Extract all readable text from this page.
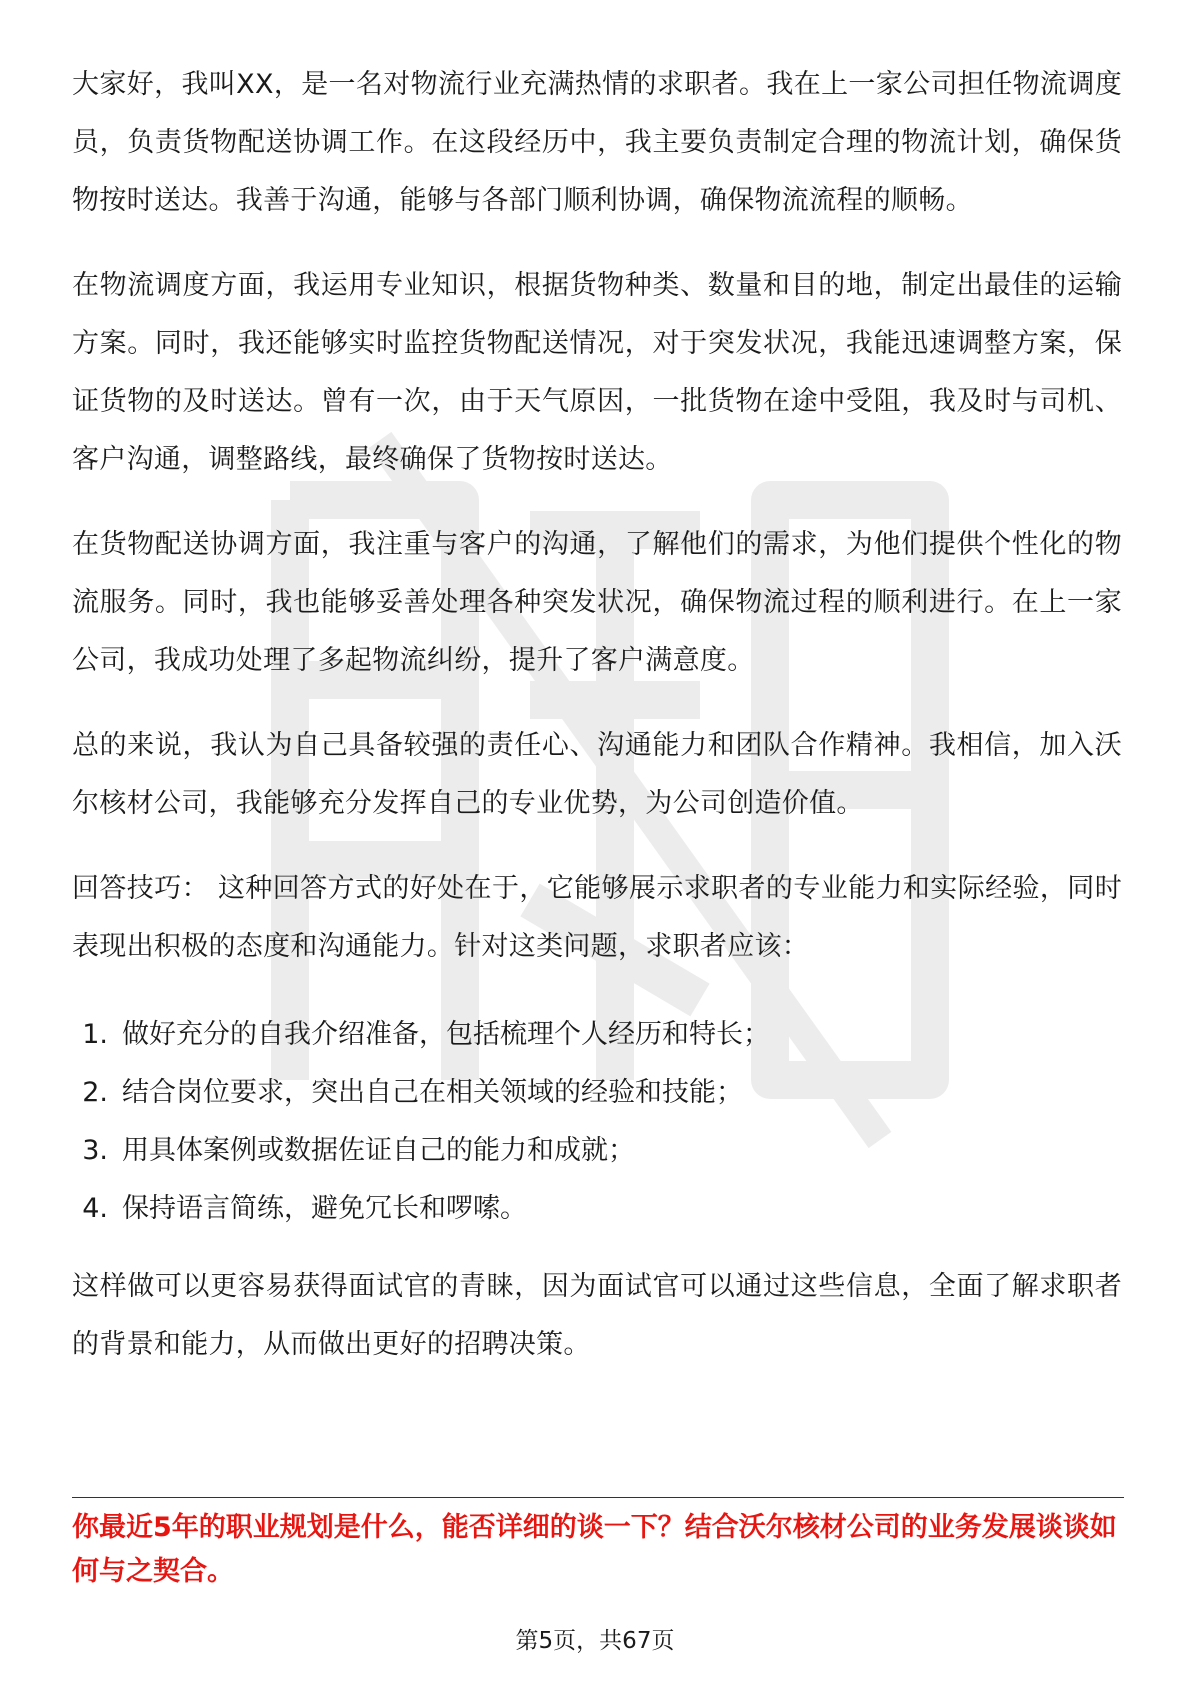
大家好，我叫XX，是一名对物流行业充满热情的求职者。我在上一家公司担任物流调度员，负责货物配送协调工作。在这段经历中，我主要负责制定合理的物流计划，确保货物按时送达。我善于沟通，能够与各部门顺利协调，确保物流流程的顺畅。

在物流调度方面，我运用专业知识，根据货物种类、数量和目的地，制定出最佳的运输方案。同时，我还能够实时监控货物配送情况，对于突发状况，我能迅速调整方案，保证货物的及时送达。曾有一次，由于天气原因，一批货物在途中受阻，我及时与司机、客户沟通，调整路线，最终确保了货物按时送达。

在货物配送协调方面，我注重与客户的沟通，了解他们的需求，为他们提供个性化的物流服务。同时，我也能够妥善处理各种突发状况，确保物流过程的顺利进行。在上一家公司，我成功处理了多起物流纠纷，提升了客户满意度。

总的来说，我认为自己具备较强的责任心、沟通能力和团队合作精神。我相信，加入沃尔核材公司，我能够充分发挥自己的专业优势，为公司创造价值。

回答技巧： 这种回答方式的好处在于，它能够展示求职者的专业能力和实际经验，同时表现出积极的态度和沟通能力。针对这类问题，求职者应该：

1. 做好充分的自我介绍准备，包括梳理个人经历和特长；
2. 结合岗位要求，突出自己在相关领域的经验和技能；
3. 用具体案例或数据佐证自己的能力和成就；
4. 保持语言简练，避免冗长和啰嗦。

这样做可以更容易获得面试官的青睐，因为面试官可以通过这些信息，全面了解求职者的背景和能力，从而做出更好的招聘决策。

你最近5年的职业规划是什么，能否详细的谈一下？结合沃尔核材公司的业务发展谈谈如何与之契合。

第5页，共67页
